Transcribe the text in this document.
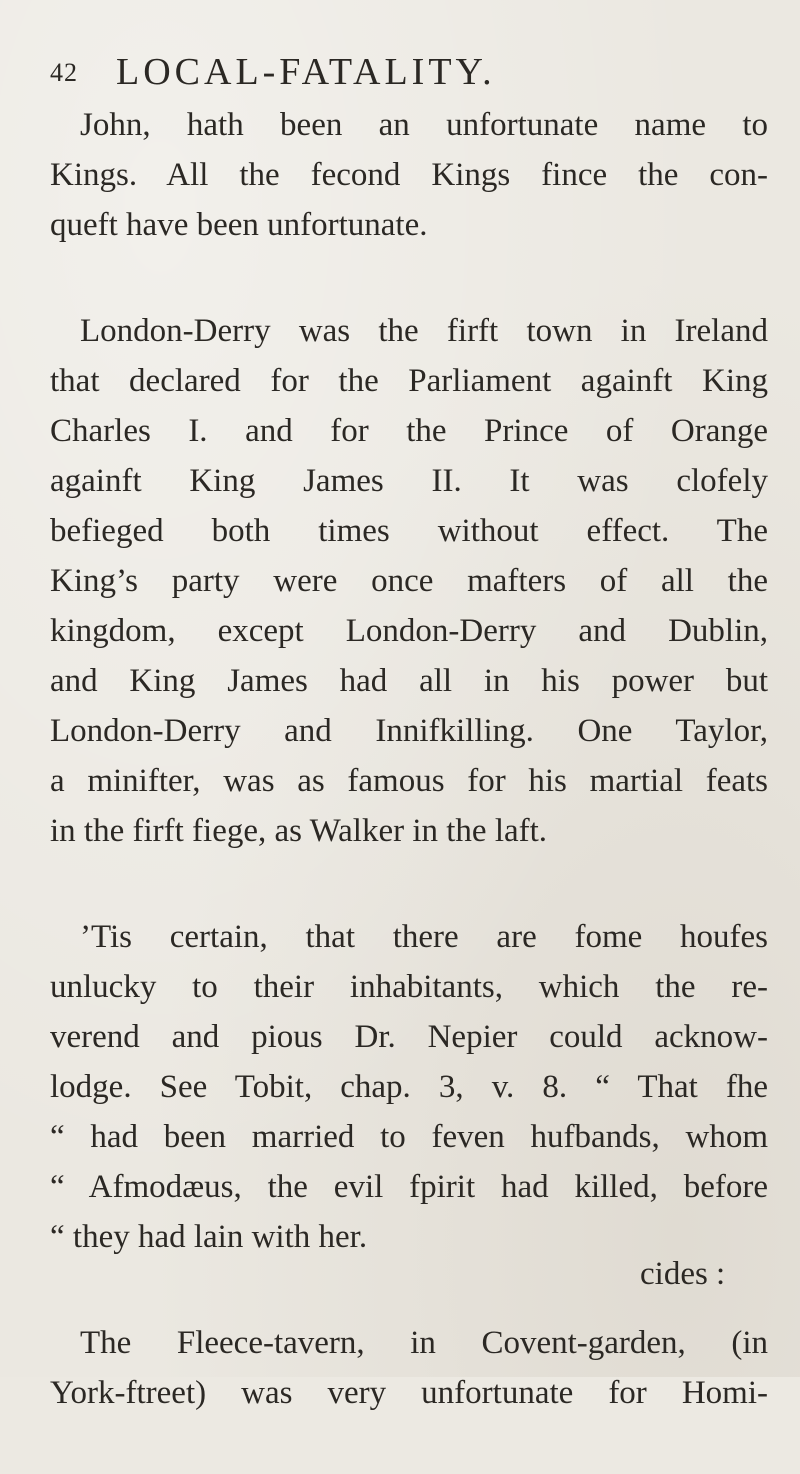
42 LOCAL-FATALITY.
John, hath been an unfortunate name to
Kings. All the fecond Kings fince the con-
queft have been unfortunate.
London-Derry was the firft town in Ireland
that declared for the Parliament againft King
Charles I. and for the Prince of Orange
againft King James II. It was clofely
befieged both times without effect. The
King’s party were once mafters of all the
kingdom, except London-Derry and Dublin,
and King James had all in his power but
London-Derry and Innifkilling. One Taylor,
a minifter, was as famous for his martial feats
in the firft fiege, as Walker in the laft.
’Tis certain, that there are fome houfes
unlucky to their inhabitants, which the re-
verend and pious Dr. Nepier could acknow-
lodge. See Tobit, chap. 3, v. 8. “ That fhe
“ had been married to feven hufbands, whom
“ Afmodæus, the evil fpirit had killed, before
“ they had lain with her.
The Fleece-tavern, in Covent-garden, (in
York-ftreet) was very unfortunate for Homi-
cides :
